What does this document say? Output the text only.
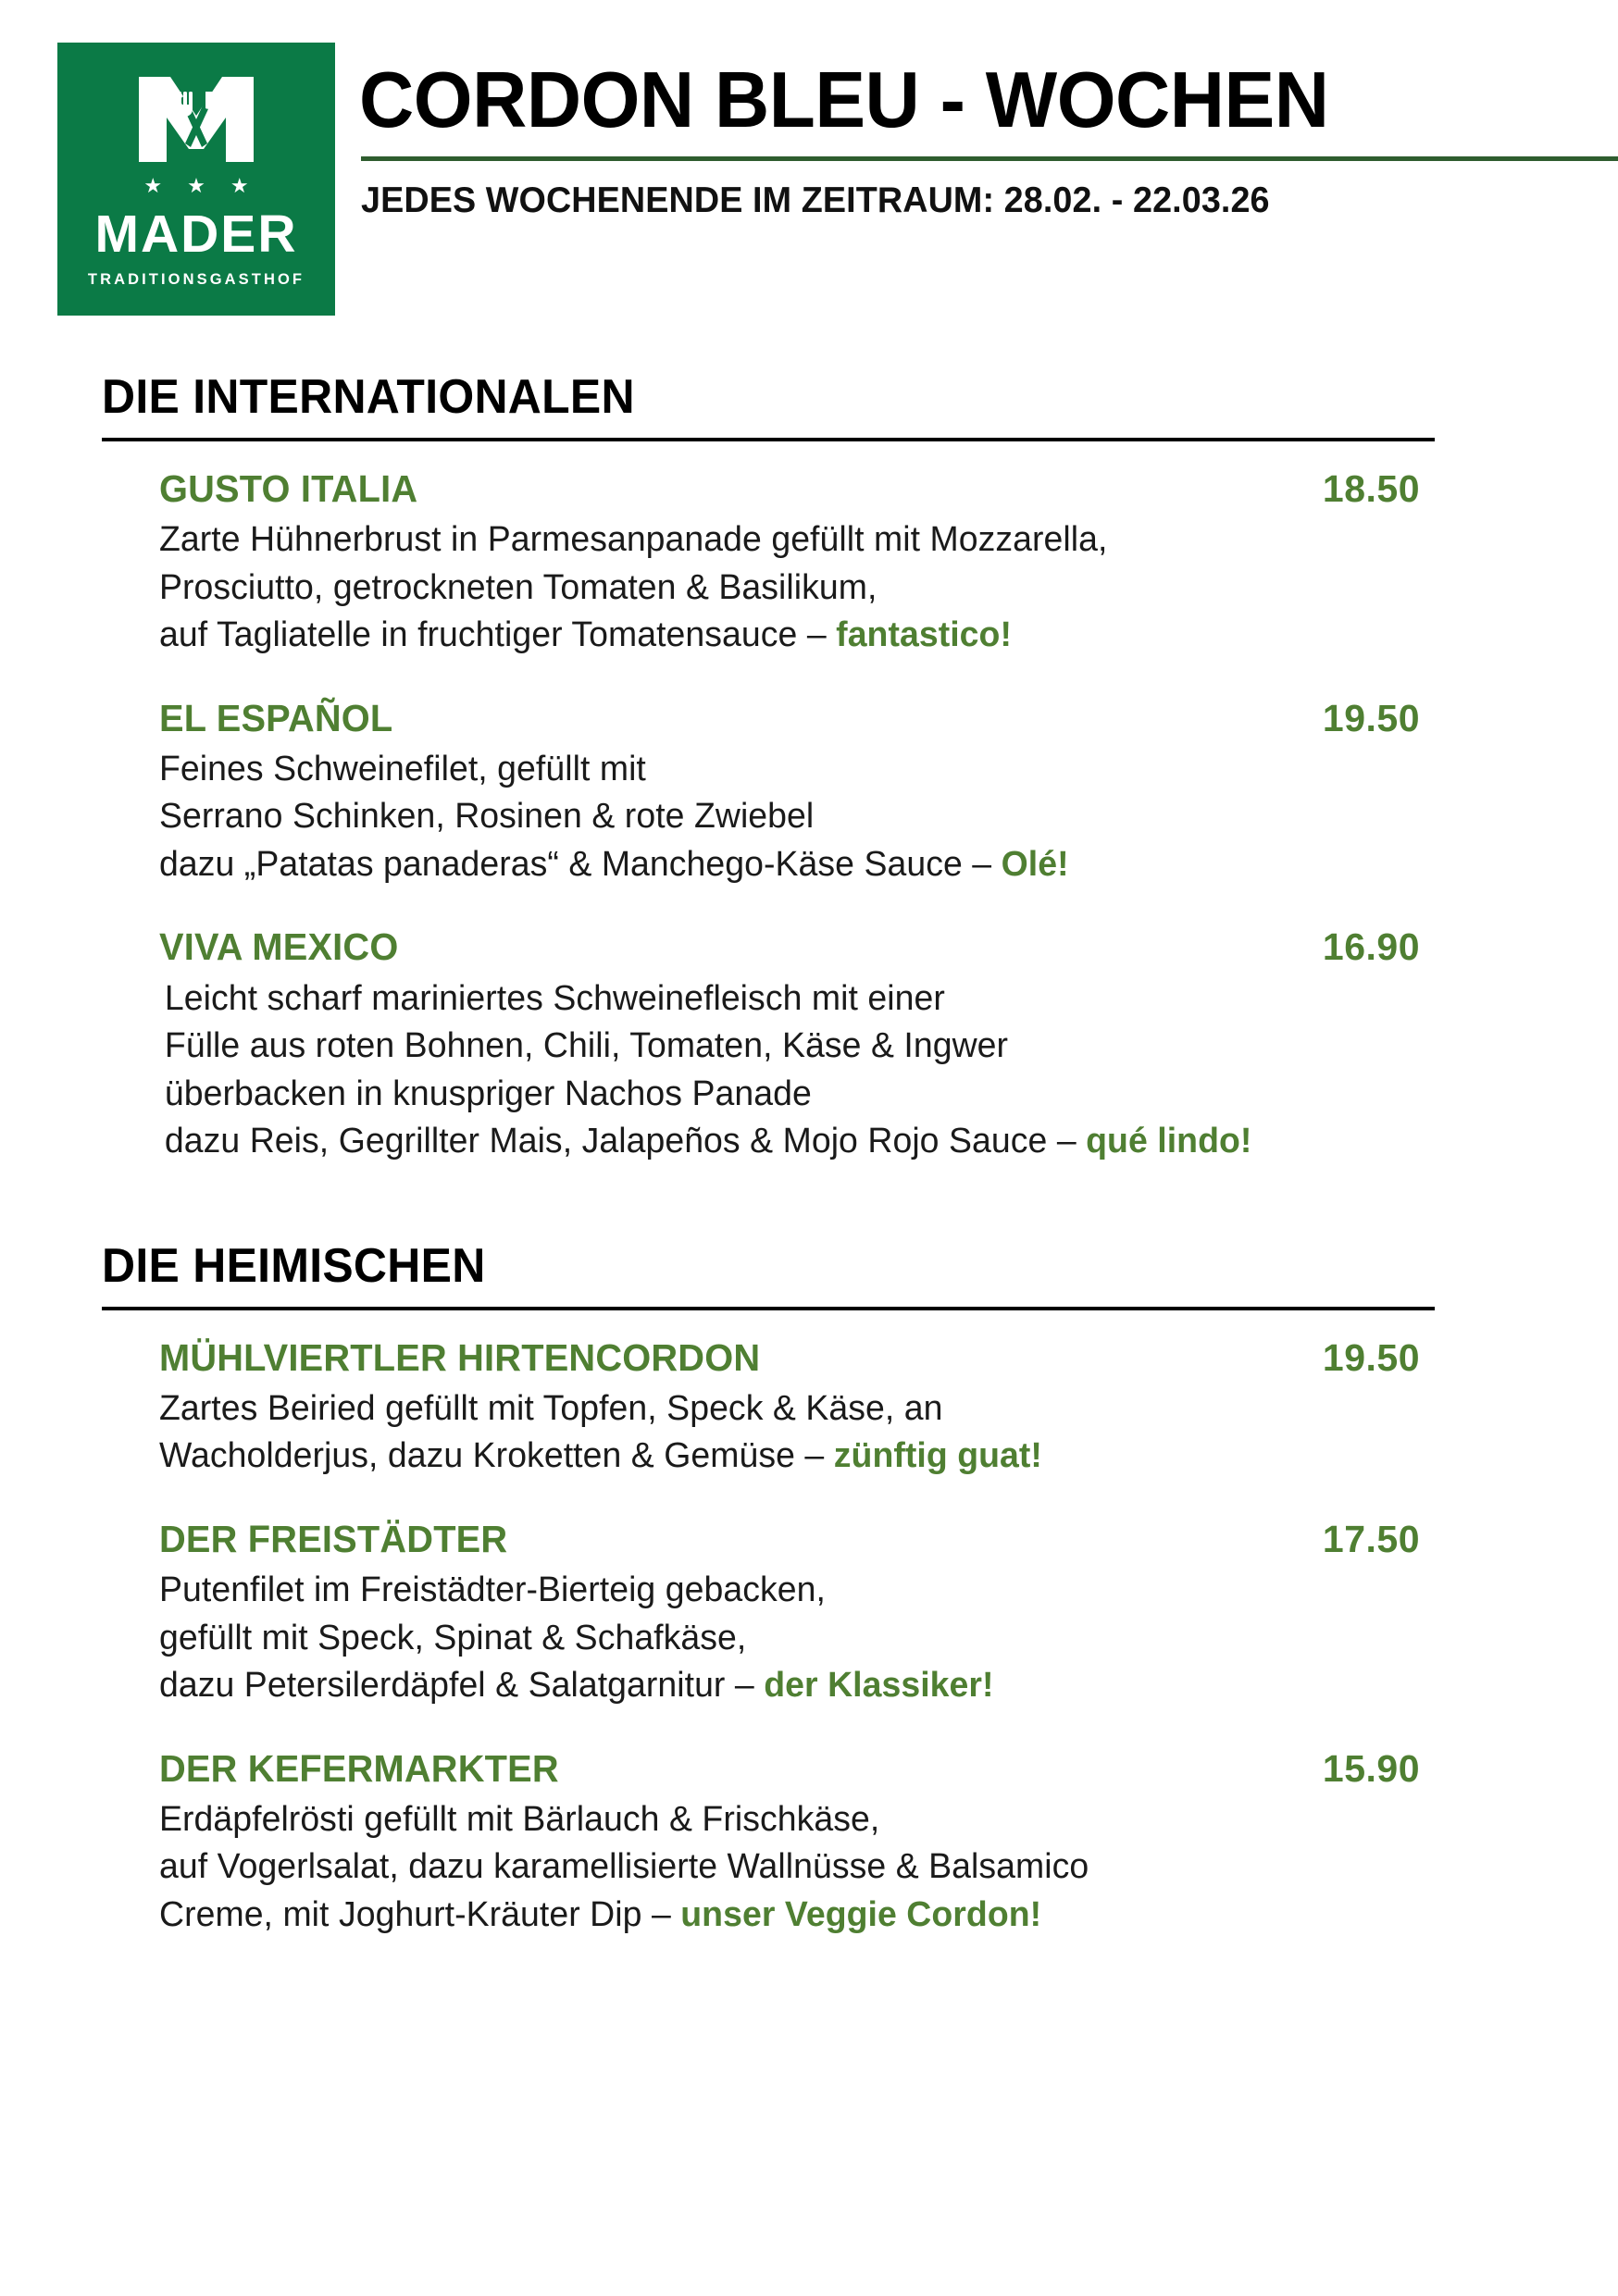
★ ★ ★
MADER
TRADITIONSGASTHOF
CORDON BLEU - WOCHEN
JEDES WOCHENENDE IM ZEITRAUM: 28.02. - 22.03.26
DIE INTERNATIONALEN
GUSTO ITALIA	18.50
Zarte Hühnerbrust in Parmesanpanade gefüllt mit Mozzarella,
Prosciutto, getrockneten Tomaten & Basilikum,
auf Tagliatelle in fruchtiger Tomatensauce – fantastico!
EL ESPAÑOL	19.50
Feines Schweinefilet, gefüllt mit
Serrano Schinken, Rosinen & rote Zwiebel
dazu „Patatas panaderas“ & Manchego-Käse Sauce – Olé!
VIVA MEXICO	16.90
Leicht scharf mariniertes Schweinefleisch mit einer
Fülle aus roten Bohnen, Chili, Tomaten, Käse & Ingwer
überbacken in knuspriger Nachos Panade
dazu Reis, Gegrillter Mais, Jalapeños & Mojo Rojo Sauce – qué lindo!
DIE HEIMISCHEN
MÜHLVIERTLER HIRTENCORDON	19.50
Zartes Beiried gefüllt mit Topfen, Speck & Käse, an
Wacholderjus, dazu Kroketten & Gemüse – zünftig guat!
DER FREISTÄDTER	17.50
Putenfilet im Freistädter-Bierteig gebacken,
gefüllt mit Speck, Spinat & Schafkäse,
dazu Petersilerdäpfel & Salatgarnitur – der Klassiker!
DER KEFERMARKTER	15.90
Erdäpfelrösti gefüllt mit Bärlauch & Frischkäse,
auf Vogerlsalat, dazu karamellisierte Wallnüsse & Balsamico
Creme, mit Joghurt-Kräuter Dip – unser Veggie Cordon!
